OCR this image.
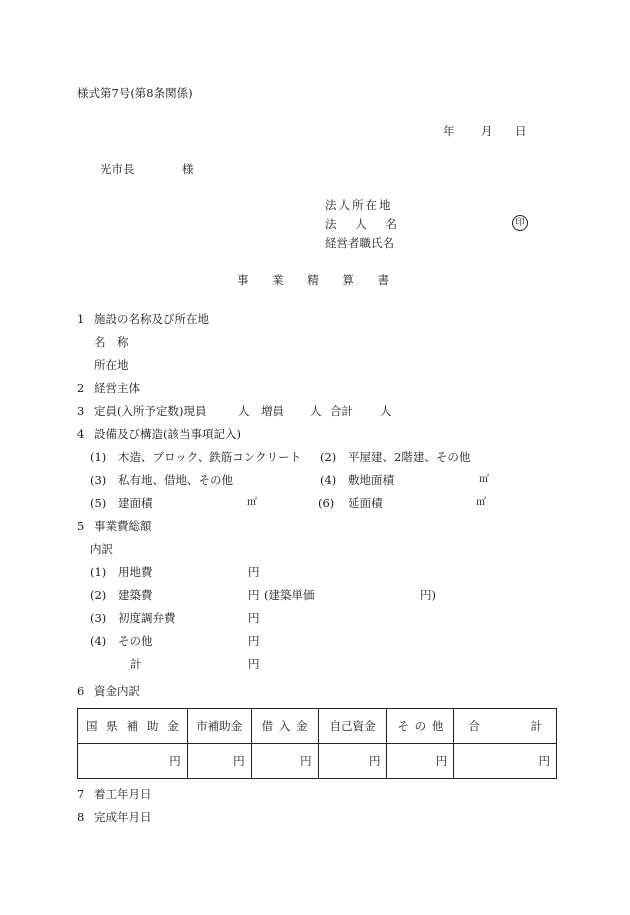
様式第7号(第8条関係)
年 月 日
光市長	様
法人所在地
法 人 名	印
経営者職氏名
事 業 精 算 書
1 施設の名称及び所在地
名　称
所在地
2 経営主体
3 定員(入所予定数)現員	人 増員 人 合計 人
4 設備及び構造(該当事項記入)
(1) 木造、ブロック、鉄筋コンクリート (2) 平屋建、2階建、その他
(3) 私有地、借地、その他	(4) 敷地面積	㎡
(5) 建面積	㎡	(6) 延面積	㎡
5 事業費総額
内訳
(1) 用地費	円
(2) 建築費	円 (建築単価	円)
(3) 初度調弁費	円
(4) その他	円
計	円
6 資金内訳
国 県 補 助 金	市補助金	借 入 金	自己資金	そ の 他	合 計

円	円	円	円	円	円
7 着工年月日
8 完成年月日
